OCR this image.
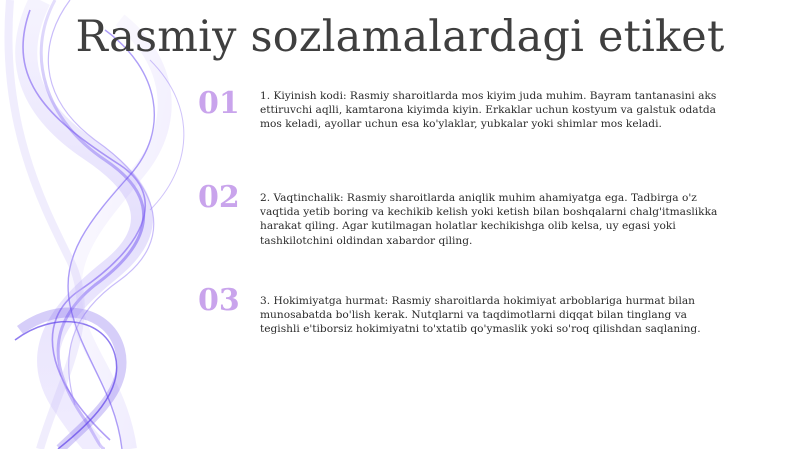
Rasmiy sozlamalardagi etiket
01	1. Kiyinish kodi: Rasmiy sharoitlarda mos kiyim juda muhim. Bayram tantanasini aks ettiruvchi aqlli, kamtarona kiyimda kiyin. Erkaklar uchun kostyum va galstuk odatda mos keladi, ayollar uchun esa ko'ylaklar, yubkalar yoki shimlar mos keladi.
02	2. Vaqtinchalik: Rasmiy sharoitlarda aniqlik muhim ahamiyatga ega. Tadbirga o'z vaqtida yetib boring va kechikib kelish yoki ketish bilan boshqalarni chalg'itmaslikka harakat qiling. Agar kutilmagan holatlar kechikishga olib kelsa, uy egasi yoki tashkilotchini oldindan xabardor qiling.
03	3. Hokimiyatga hurmat: Rasmiy sharoitlarda hokimiyat arboblariga hurmat bilan munosabatda bo'lish kerak. Nutqlarni va taqdimotlarni diqqat bilan tinglang va tegishli e'tiborsiz hokimiyatni to'xtatib qo'ymaslik yoki so'roq qilishdan saqlaning.
